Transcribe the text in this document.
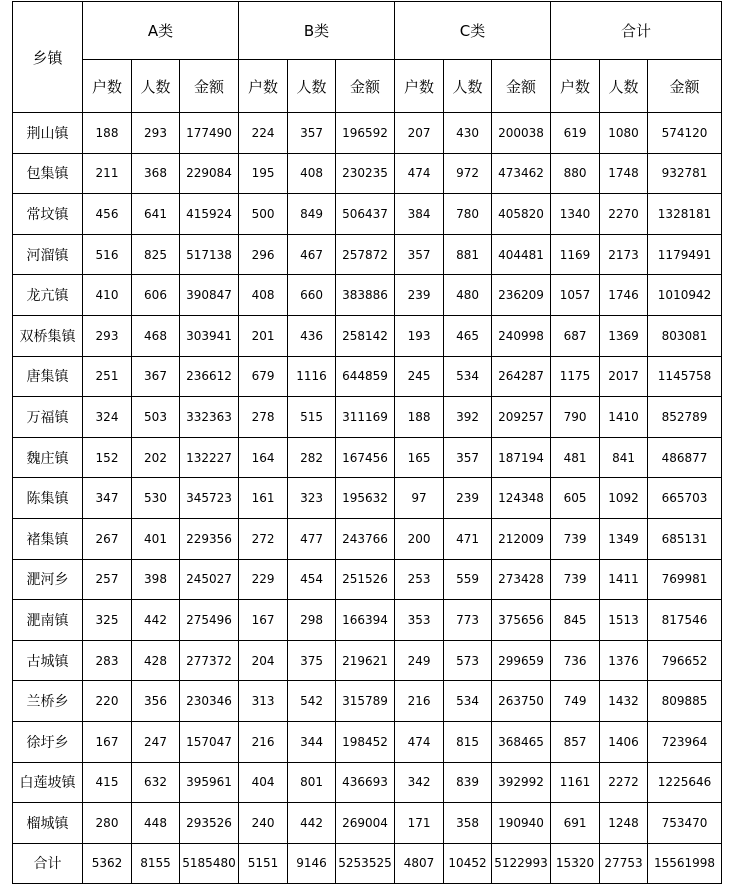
乡镇	A类			B类			C类			合计		
	户数	人数	金额	户数	人数	金额	户数	人数	金额	户数	人数	金额
荆山镇	188	293	177490	224	357	196592	207	430	200038	619	1080	574120
包集镇	211	368	229084	195	408	230235	474	972	473462	880	1748	932781
常坟镇	456	641	415924	500	849	506437	384	780	405820	1340	2270	1328181
河溜镇	516	825	517138	296	467	257872	357	881	404481	1169	2173	1179491
龙亢镇	410	606	390847	408	660	383886	239	480	236209	1057	1746	1010942
双桥集镇	293	468	303941	201	436	258142	193	465	240998	687	1369	803081
唐集镇	251	367	236612	679	1116	644859	245	534	264287	1175	2017	1145758
万福镇	324	503	332363	278	515	311169	188	392	209257	790	1410	852789
魏庄镇	152	202	132227	164	282	167456	165	357	187194	481	841	486877
陈集镇	347	530	345723	161	323	195632	97	239	124348	605	1092	665703
褚集镇	267	401	229356	272	477	243766	200	471	212009	739	1349	685131
淝河乡	257	398	245027	229	454	251526	253	559	273428	739	1411	769981
淝南镇	325	442	275496	167	298	166394	353	773	375656	845	1513	817546
古城镇	283	428	277372	204	375	219621	249	573	299659	736	1376	796652
兰桥乡	220	356	230346	313	542	315789	216	534	263750	749	1432	809885
徐圩乡	167	247	157047	216	344	198452	474	815	368465	857	1406	723964
白莲坡镇	415	632	395961	404	801	436693	342	839	392992	1161	2272	1225646
榴城镇	280	448	293526	240	442	269004	171	358	190940	691	1248	753470
合计	5362	8155	5185480	5151	9146	5253525	4807	10452	5122993	15320	27753	15561998
